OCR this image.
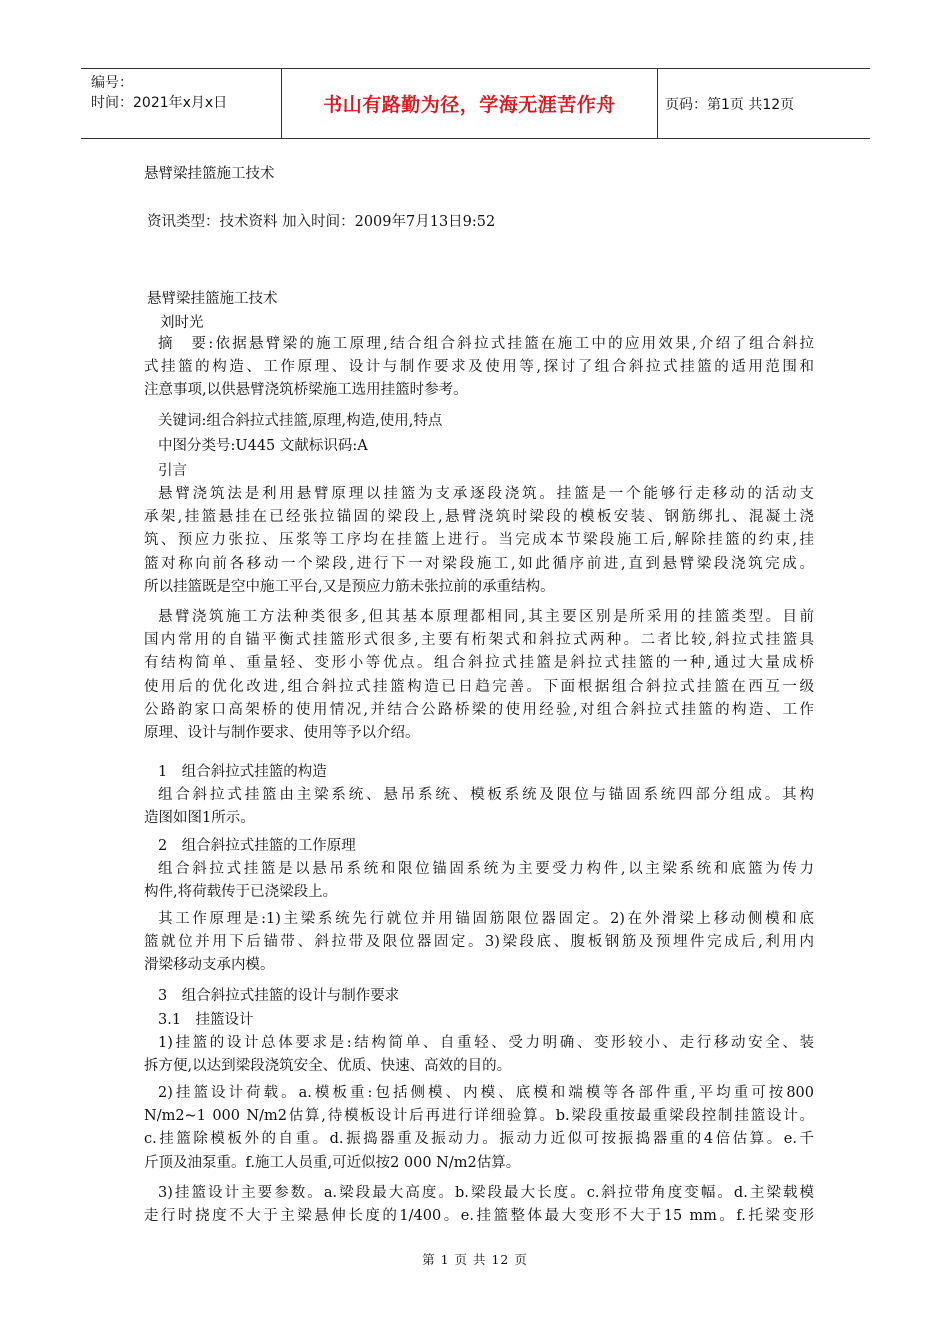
编号：
时间：2021年x月x日	书山有路勤为径，学海无涯苦作舟	页码：第1页 共12页
悬臂梁挂篮施工技术
资讯类型：技术资料 加入时间：2009年7月13日9:52
悬臂梁挂篮施工技术
刘时光
摘　要:依据悬臂梁的施工原理,结合组合斜拉式挂篮在施工中的应用效果,介绍了组合斜拉
式挂篮的构造、工作原理、设计与制作要求及使用等,探讨了组合斜拉式挂篮的适用范围和
注意事项,以供悬臂浇筑桥梁施工选用挂篮时参考。
关键词:组合斜拉式挂篮,原理,构造,使用,特点
中图分类号:U445 文献标识码:A
引言
悬臂浇筑法是利用悬臂原理以挂篮为支承逐段浇筑。挂篮是一个能够行走移动的活动支
承架,挂篮悬挂在已经张拉锚固的梁段上,悬臂浇筑时梁段的模板安装、钢筋绑扎、混凝土浇
筑、预应力张拉、压浆等工序均在挂篮上进行。当完成本节梁段施工后,解除挂篮的约束,挂
篮对称向前各移动一个梁段,进行下一对梁段施工,如此循序前进,直到悬臂梁段浇筑完成。
所以挂篮既是空中施工平台,又是预应力筋未张拉前的承重结构。
悬臂浇筑施工方法种类很多,但其基本原理都相同,其主要区别是所采用的挂篮类型。目前
国内常用的自锚平衡式挂篮形式很多,主要有桁架式和斜拉式两种。二者比较,斜拉式挂篮具
有结构简单、重量轻、变形小等优点。组合斜拉式挂篮是斜拉式挂篮的一种,通过大量成桥
使用后的优化改进,组合斜拉式挂篮构造已日趋完善。下面根据组合斜拉式挂篮在西互一级
公路韵家口高架桥的使用情况,并结合公路桥梁的使用经验,对组合斜拉式挂篮的构造、工作
原理、设计与制作要求、使用等予以介绍。
1　组合斜拉式挂篮的构造
组合斜拉式挂篮由主梁系统、悬吊系统、模板系统及限位与锚固系统四部分组成。其构
造图如图1所示。
2　组合斜拉式挂篮的工作原理
组合斜拉式挂篮是以悬吊系统和限位锚固系统为主要受力构件,以主梁系统和底篮为传力
构件,将荷载传于已浇梁段上。
其工作原理是:1)主梁系统先行就位并用锚固筋限位器固定。2)在外滑梁上移动侧模和底
篮就位并用下后锚带、斜拉带及限位器固定。3)梁段底、腹板钢筋及预埋件完成后,利用内
滑梁移动支承内模。
3　组合斜拉式挂篮的设计与制作要求
3.1　挂篮设计
1)挂篮的设计总体要求是:结构简单、自重轻、受力明确、变形较小、走行移动安全、装
拆方便,以达到梁段浇筑安全、优质、快速、高效的目的。
2)挂篮设计荷载。a.模板重:包括侧模、内模、底模和端模等各部件重,平均重可按800
N/m2~1 000 N/m2估算,待模板设计后再进行详细验算。b.梁段重按最重梁段控制挂篮设计。
c.挂篮除模板外的自重。d.振捣器重及振动力。振动力近似可按振捣器重的4倍估算。e.千
斤顶及油泵重。f.施工人员重,可近似按2 000 N/m2估算。
3)挂篮设计主要参数。a.梁段最大高度。b.梁段最大长度。c.斜拉带角度变幅。d.主梁载模
走行时挠度不大于主梁悬伸长度的1/400。e.挂篮整体最大变形不大于15 mm。f.托梁变形
第 1 页 共 12 页
